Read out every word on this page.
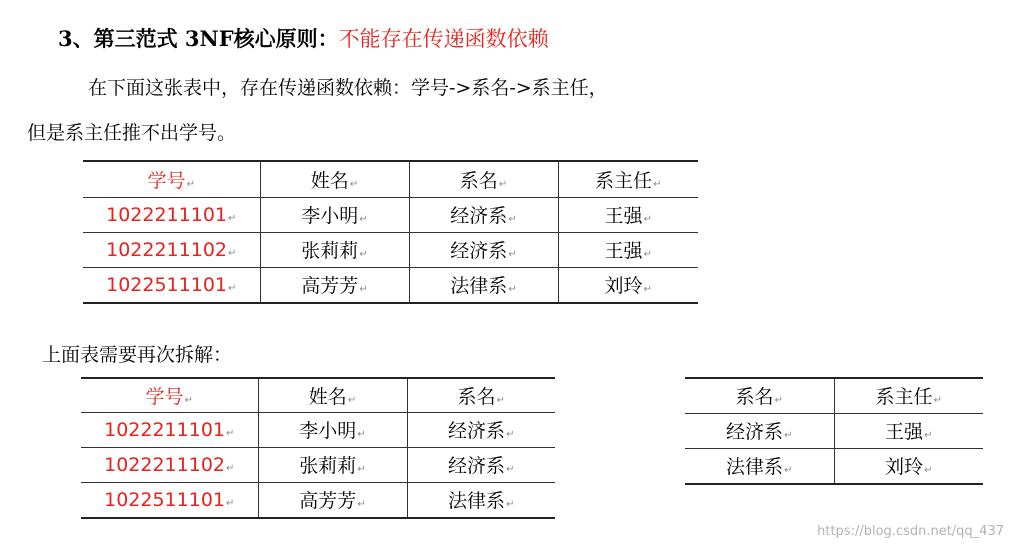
3、第三范式 3NF核心原则：不能存在传递函数依赖

在下面这张表中，存在传递函数依赖：学号->系名->系主任，

但是系主任推不出学号。

学号↵	姓名↵	系名↵	系主任↵
1022211101↵	李小明↵	经济系↵	王强↵
1022211102↵	张莉莉↵	经济系↵	王强↵
1022511101↵	高芳芳↵	法律系↵	刘玲↵

上面表需要再次拆解：

学号↵	姓名↵	系名↵
1022211101↵	李小明↵	经济系↵
1022211102↵	张莉莉↵	经济系↵
1022511101↵	高芳芳↵	法律系↵
系名↵	系主任↵
经济系↵	王强↵
法律系↵	刘玲↵

https://blog.csdn.net/qq_437
